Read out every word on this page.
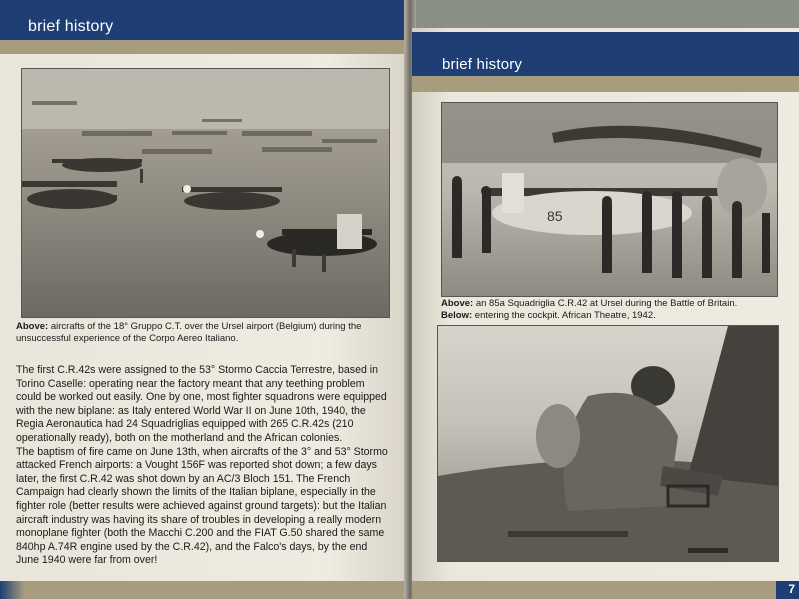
brief history
Above: aircrafts of the 18° Gruppo C.T. over the Ursel airport (Belgium) during the unsuccessful experience of the Corpo Aereo Italiano.

The first C.R.42s were assigned to the 53° Stormo Caccia Terrestre, based in Torino Caselle: operating near the factory meant that any teething problem could be worked out easily. One by one, most fighter squadrons were equipped with the new biplane: as Italy entered World War II on June 10th, 1940, the Regia Aeronautica had 24 Squadriglias equipped with 265 C.R.42s (210 operationally ready), both on the motherland and the African colonies.

The baptism of fire came on June 13th, when aircrafts of the 3° and 53° Stormo attacked French airports: a Vought 156F was reported shot down; a few days later, the first C.R.42 was shot down by an AC/3 Bloch 151. The French Campaign had clearly shown the limits of the Italian biplane, especially in the fighter role (better results were achieved against ground targets): but the Italian aircraft industry was having its share of troubles in developing a really modern monoplane fighter (both the Macchi C.200 and the FIAT G.50 shared the same 840hp A.74R engine used by the C.R.42), and the Falco's days, by the end June 1940 were far from over!

brief history
85
Above: an 85a Squadriglia C.R.42 at Ursel during the Battle of Britain.
Below: entering the cockpit. African Theatre, 1942.
7
